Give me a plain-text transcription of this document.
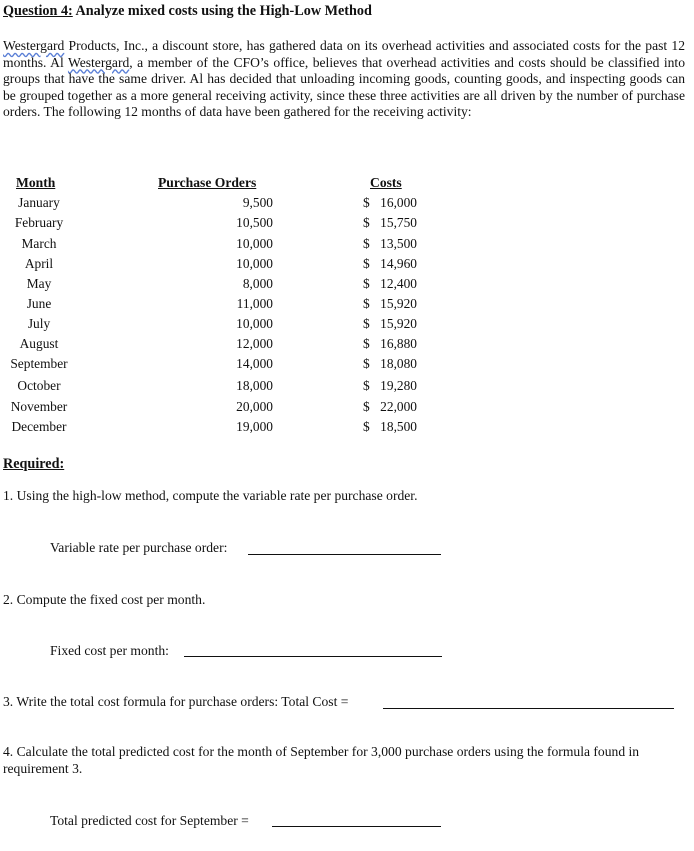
Question 4: Analyze mixed costs using the High-Low Method
Westergard Products, Inc., a discount store, has gathered data on its overhead activities and associated costs for the past 12 months. Al Westergard, a member of the CFO’s office, believes that overhead activities and costs should be classified into groups that have the same driver. Al has decided that unloading incoming goods, counting goods, and inspecting goods can be grouped together as a more general receiving activity, since these three activities are all driven by the number of purchase orders. The following 12 months of data have been gathered for the receiving activity:
Month	Purchase Orders	Costs
January	9,500	$ 16,000
February	10,500	$ 15,750
March	10,000	$ 13,500
April	10,000	$ 14,960
May	8,000	$ 12,400
June	11,000	$ 15,920
July	10,000	$ 15,920
August	12,000	$ 16,880
September	14,000	$ 18,080
October	18,000	$ 19,280
November	20,000	$ 22,000
December	19,000	$ 18,500
Required:
1. Using the high-low method, compute the variable rate per purchase order.
Variable rate per purchase order:
2. Compute the fixed cost per month.
Fixed cost per month:
3. Write the total cost formula for purchase orders: Total Cost =
4. Calculate the total predicted cost for the month of September for 3,000 purchase orders using the formula found in requirement 3.
Total predicted cost for September =
